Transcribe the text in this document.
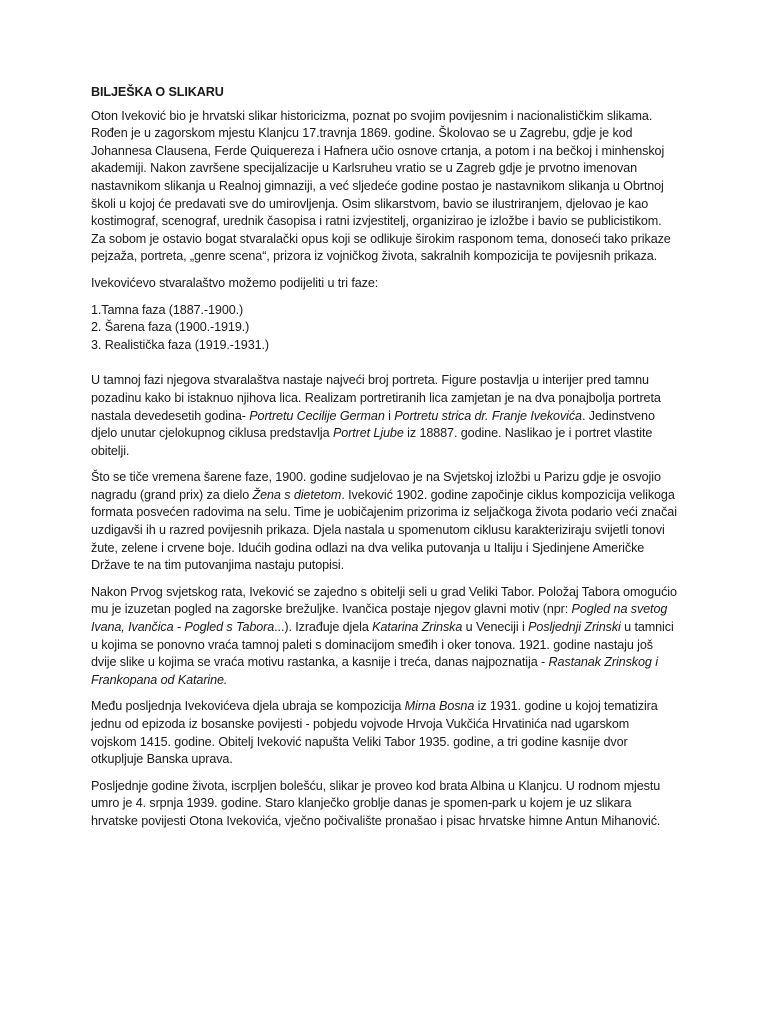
BILJEŠKA O SLIKARU

Oton Iveković bio je hrvatski slikar historicizma, poznat po svojim povijesnim i nacionalističkim slikama. Rođen je u zagorskom mjestu Klanjcu 17.travnja 1869. godine. Školovao se u Zagrebu, gdje je kod Johannesa Clausena, Ferde Quiquereza i Hafnera učio osnove crtanja, a potom i na bečkoj i minhenskoj akademiji. Nakon završene specijalizacije u Karlsruheu vratio se u Zagreb gdje je prvotno imenovan nastavnikom slikanja u Realnoj gimnaziji, a već sljedeće godine postao je nastavnikom slikanja u Obrtnoj školi u kojoj će predavati sve do umirovljenja. Osim slikarstvom, bavio se ilustriranjem, djelovao je kao kostimograf, scenograf, urednik časopisa i ratni izvjestitelj, organizirao je izložbe i bavio se publicistikom. Za sobom je ostavio bogat stvaralački opus koji se odlikuje širokim rasponom tema, donoseći tako prikaze pejzaža, portreta, „genre scena“, prizora iz vojničkog života, sakralnih kompozicija te povijesnih prikaza.

Ivekovićevo stvaralaštvo možemo podijeliti u tri faze:

1.Tamna faza (1887.-1900.)
2. Šarena faza (1900.-1919.)
3. Realistička faza (1919.-1931.)

U tamnoj fazi njegova stvaralaštva nastaje najveći broj portreta. Figure postavlja u interijer pred tamnu pozadinu kako bi istaknuo njihova lica. Realizam portretiranih lica zamjetan je na dva ponajbolja portreta nastala devedesetih godina- Portretu Cecilije German i Portretu strica dr. Franje Ivekovića. Jedinstveno djelo unutar cjelokupnog ciklusa predstavlja Portret Ljube iz 18887. godine. Naslikao je i portret vlastite obitelji.

Što se tiče vremena šarene faze, 1900. godine sudjelovao je na Svjetskoj izložbi u Parizu gdje je osvojio nagradu (grand prix) za dielo Žena s dietetom. Iveković 1902. godine započinje ciklus kompozicija velikoga formata posvećen radovima na selu. Time je uobičajenim prizorima iz seljačkoga života podario veći značai uzdigavši ih u razred povijesnih prikaza. Djela nastala u spomenutom ciklusu karakteriziraju svijetli tonovi žute, zelene i crvene boje. Idućih godina odlazi na dva velika putovanja u Italiju i Sjedinjene Američke Države te na tim putovanjima nastaju putopisi.

Nakon Prvog svjetskog rata, Iveković se zajedno s obitelji seli u grad Veliki Tabor. Položaj Tabora omogućio mu je izuzetan pogled na zagorske brežuljke. Ivančica postaje njegov glavni motiv (npr: Pogled na svetog Ivana, Ivančica - Pogled s Tabora...). Izrađuje djela Katarina Zrinska u Veneciji i Posljednji Zrinski u tamnici u kojima se ponovno vraća tamnoj paleti s dominacijom smeđih i oker tonova. 1921. godine nastaju još dvije slike u kojima se vraća motivu rastanka, a kasnije i treća, danas najpoznatija - Rastanak Zrinskog i Frankopana od Katarine.

Među posljednja Ivekovićeva djela ubraja se kompozicija Mirna Bosna iz 1931. godine u kojoj tematizira jednu od epizoda iz bosanske povijesti - pobjedu vojvode Hrvoja Vukčića Hrvatinića nad ugarskom vojskom 1415. godine. Obitelj Iveković napušta Veliki Tabor 1935. godine, a tri godine kasnije dvor otkupljuje Banska uprava.

Posljednje godine života, iscrpljen bolešću, slikar je proveo kod brata Albina u Klanjcu. U rodnom mjestu umro je 4. srpnja 1939. godine. Staro klanječko groblje danas je spomen-park u kojem je uz slikara hrvatske povijesti Otona Ivekovića, vječno počivalište pronašao i pisac hrvatske himne Antun Mihanović.
